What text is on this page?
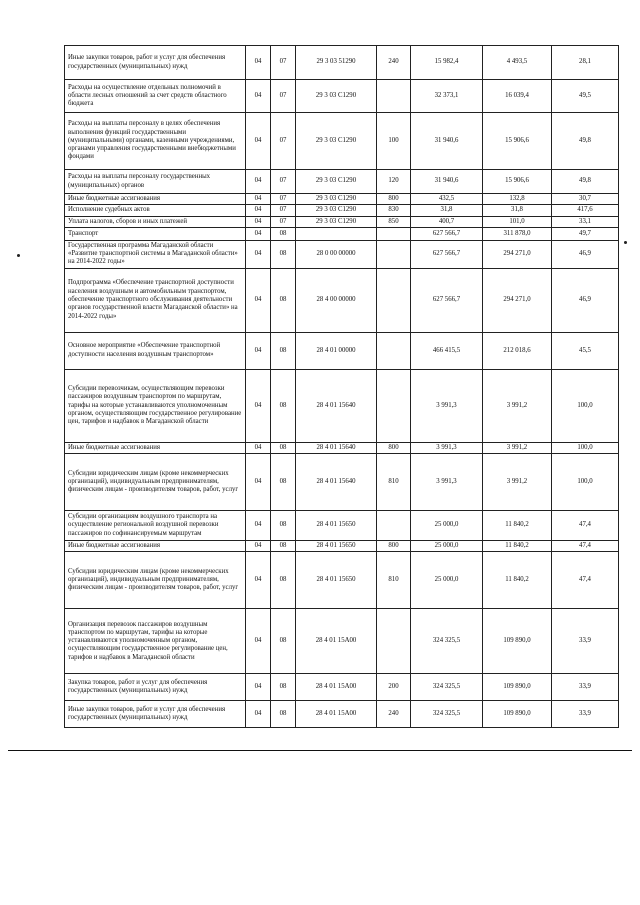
Иные закупки товаров, работ и услуг для обеспечения государственных (муниципальных) нужд	04	07	29 3 03 51290	240	15 982,4	4 493,5	28,1
Расходы на осуществление отдельных полномочий в области лесных отношений за счет средств областного бюджета	04	07	29 3 03 С1290		32 373,1	16 039,4	49,5
Расходы на выплаты персоналу в целях обеспечения выполнения функций государственными (муниципальными) органами, казенными учреждениями, органами управления государственными внебюджетными фондами	04	07	29 3 03 С1290	100	31 940,6	15 906,6	49,8
Расходы на выплаты персоналу государственных (муниципальных) органов	04	07	29 3 03 С1290	120	31 940,6	15 906,6	49,8
Иные бюджетные ассигнования	04	07	29 3 03 С1290	800	432,5	132,8	30,7
Исполнение судебных актов	04	07	29 3 03 С1290	830	31,8	31,8	417,6
Уплата налогов, сборов и иных платежей	04	07	29 3 03 С1290	850	400,7	101,0	33,1
Транспорт	04	08			627 566,7	311 878,0	49,7
Государственная программа Магаданской области «Развитие транспортной системы в Магаданской области» на 2014-2022 годы»	04	08	28 0 00 00000		627 566,7	294 271,0	46,9
Подпрограмма «Обеспечение транспортной доступности населения воздушным и автомобильным транспортом, обеспечение транспортного обслуживания деятельности органов государственной власти Магаданской области» на 2014-2022 годы»	04	08	28 4 00 00000		627 566,7	294 271,0	46,9
Основное мероприятие «Обеспечение транспортной доступности населения воздушным транспортом»	04	08	28 4 01 00000		466 415,5	212 018,6	45,5
Субсидии перевозчикам, осуществляющим перевозки пассажиров воздушным транспортом по маршрутам, тарифы на которые устанавливаются уполномоченным органом, осуществляющим государственное регулирование цен, тарифов и надбавок в Магаданской области	04	08	28 4 01 15640		3 991,3	3 991,2	100,0
Иные бюджетные ассигнования	04	08	28 4 01 15640	800	3 991,3	3 991,2	100,0
Субсидии юридическим лицам (кроме некоммерческих организаций), индивидуальным предпринимателям, физическим лицам - производителям товаров, работ, услуг	04	08	28 4 01 15640	810	3 991,3	3 991,2	100,0
Субсидии организациям воздушного транспорта на осуществление региональной воздушной перевозки пассажиров по софинансируемым маршрутам	04	08	28 4 01 15650		25 000,0	11 840,2	47,4
Иные бюджетные ассигнования	04	08	28 4 01 15650	800	25 000,0	11 840,2	47,4
Субсидии юридическим лицам (кроме некоммерческих организаций), индивидуальным предпринимателям, физическим лицам - производителям товаров, работ, услуг	04	08	28 4 01 15650	810	25 000,0	11 840,2	47,4
Организация перевозок пассажиров воздушным транспортом по маршрутам, тарифы на которые устанавливаются уполномоченным органом, осуществляющим государственное регулирование цен, тарифов и надбавок в Магаданской области	04	08	28 4 01 15А00		324 325,5	109 890,0	33,9
Закупка товаров, работ и услуг для обеспечения государственных (муниципальных) нужд	04	08	28 4 01 15А00	200	324 325,5	109 890,0	33,9
Иные закупки товаров, работ и услуг для обеспечения государственных (муниципальных) нужд	04	08	28 4 01 15А00	240	324 325,5	109 890,0	33,9
